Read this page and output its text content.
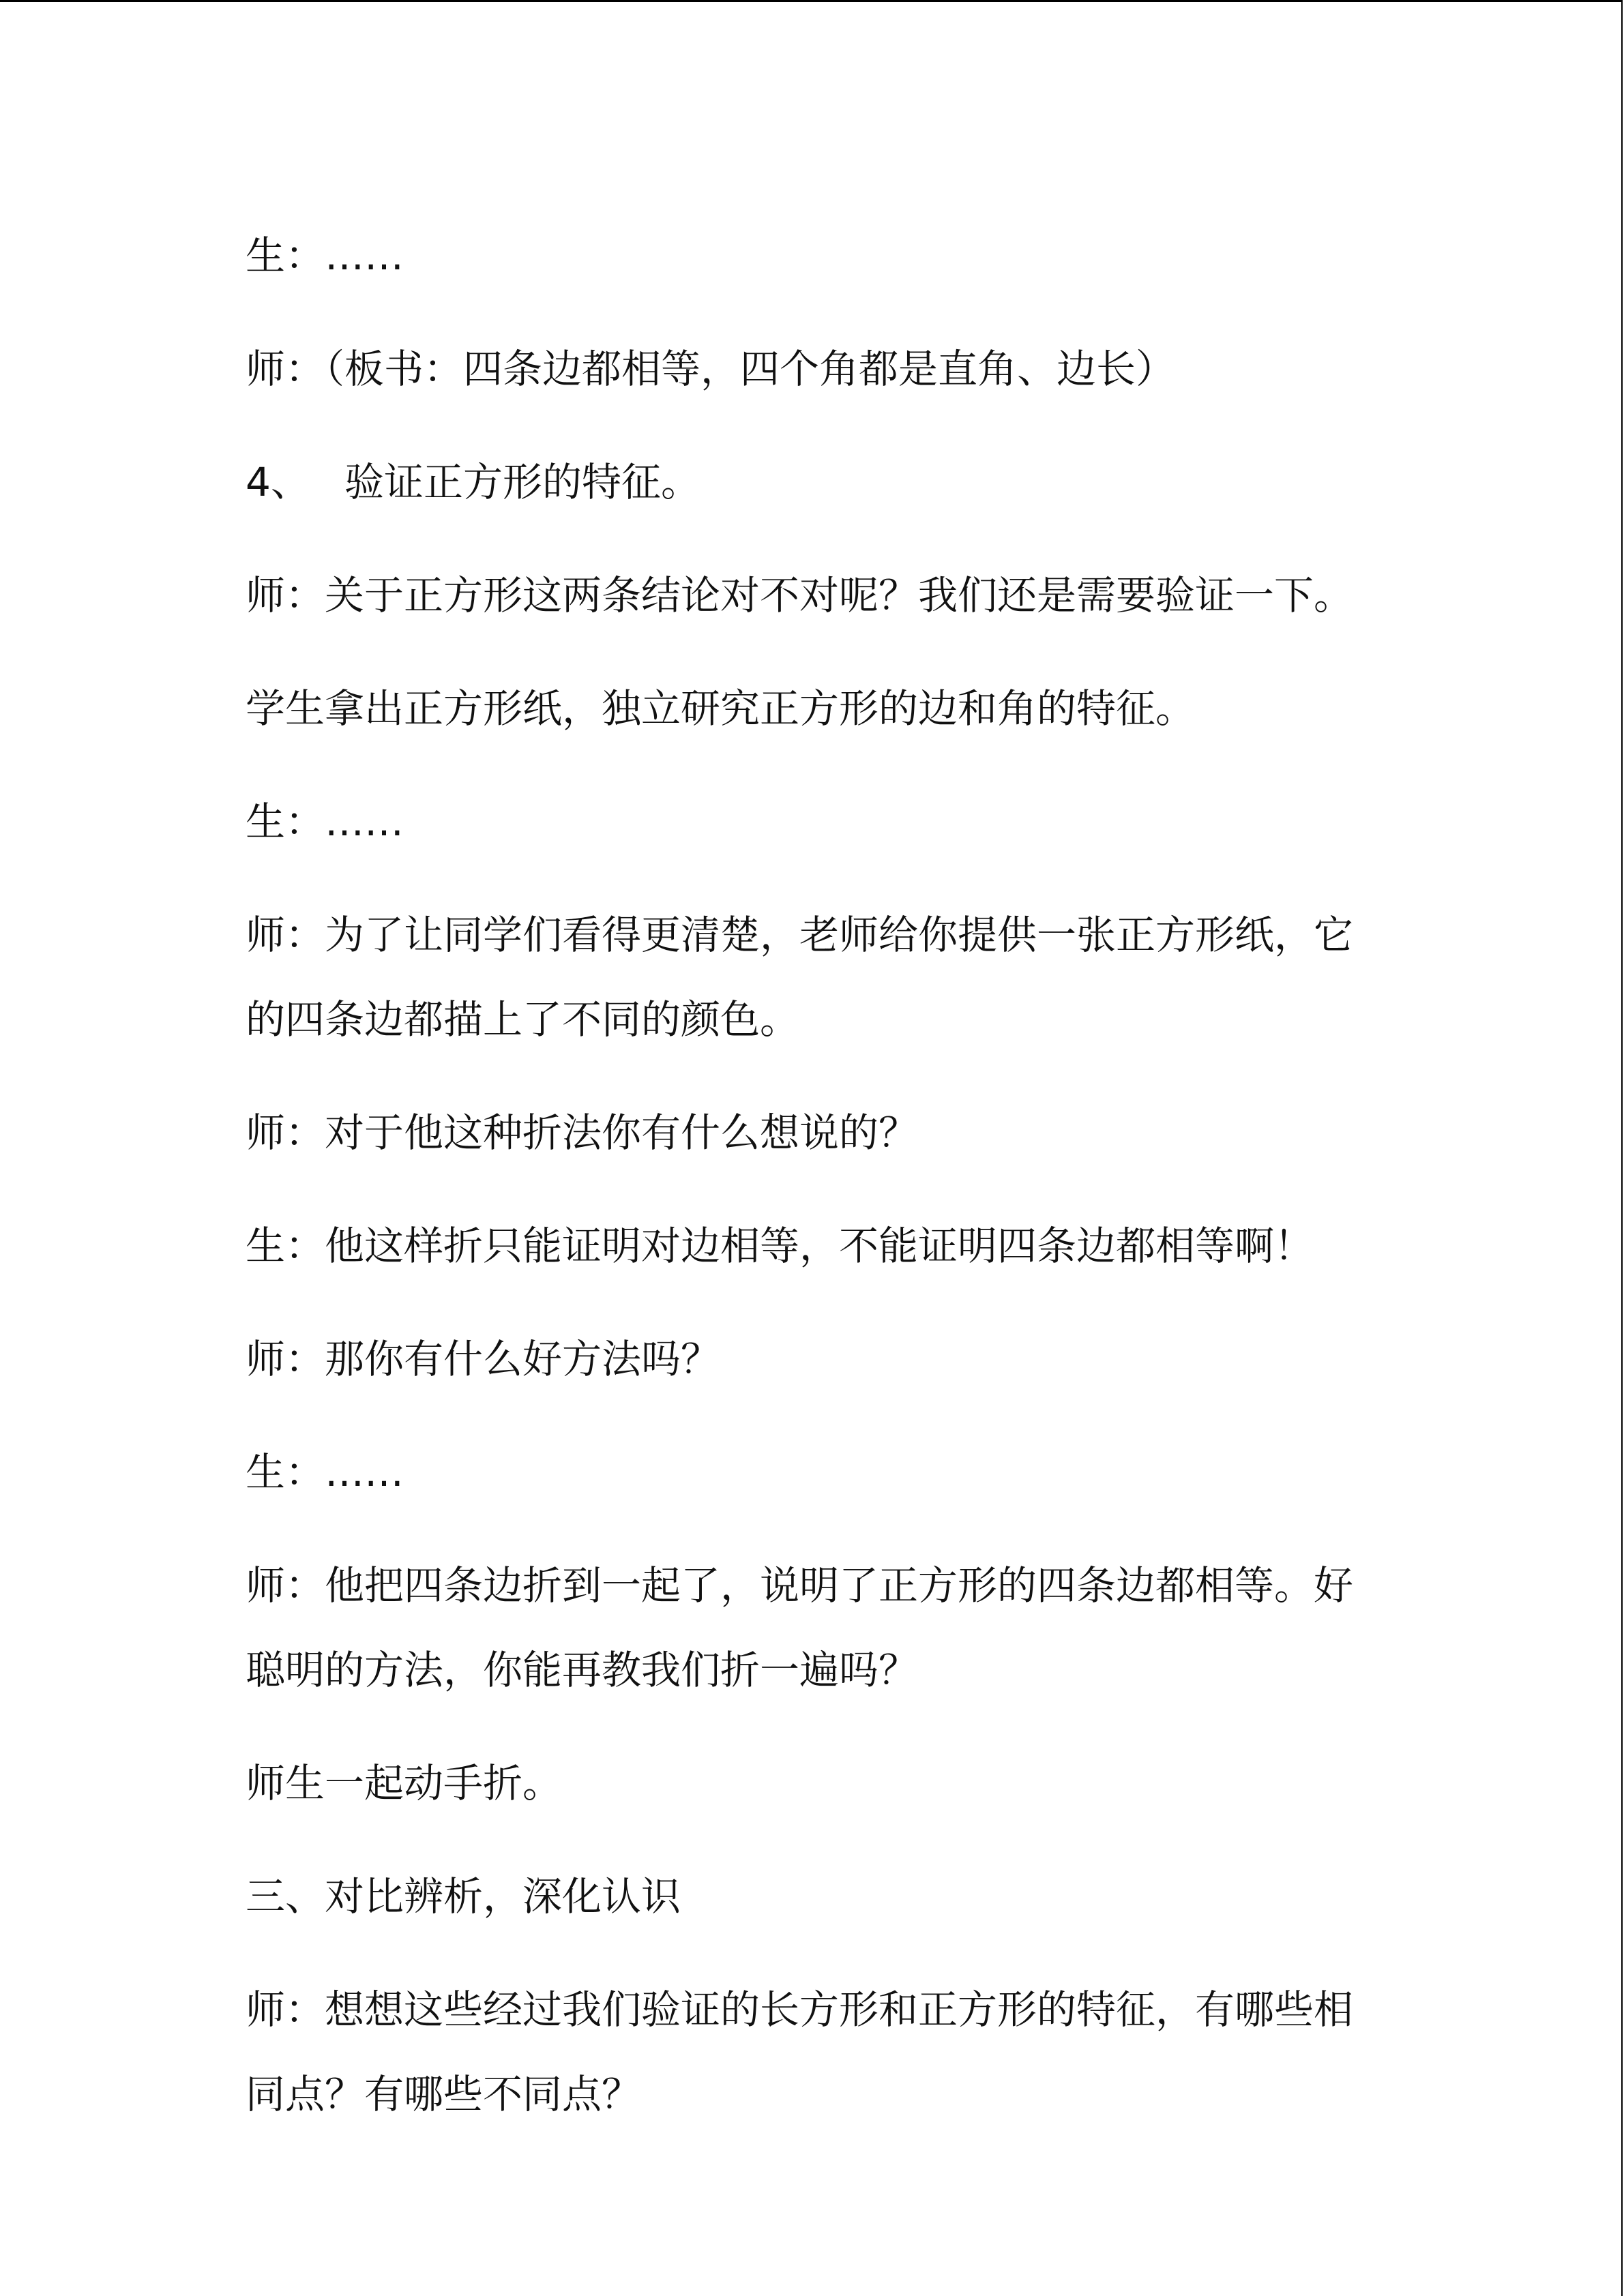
生：……

师：（板书：四条边都相等，四个角都是直角、边长）

4、 验证正方形的特征。

师：关于正方形这两条结论对不对呢？我们还是需要验证一下。

学生拿出正方形纸，独立研究正方形的边和角的特征。

生：……

师：为了让同学们看得更清楚，老师给你提供一张正方形纸，它的四条边都描上了不同的颜色。

师：对于他这种折法你有什么想说的？

生：他这样折只能证明对边相等，不能证明四条边都相等啊！

师：那你有什么好方法吗？

生：……

师：他把四条边折到一起了，说明了正方形的四条边都相等。好聪明的方法，你能再教我们折一遍吗？

师生一起动手折。

三、对比辨析，深化认识

师：想想这些经过我们验证的长方形和正方形的特征，有哪些相同点？有哪些不同点？
